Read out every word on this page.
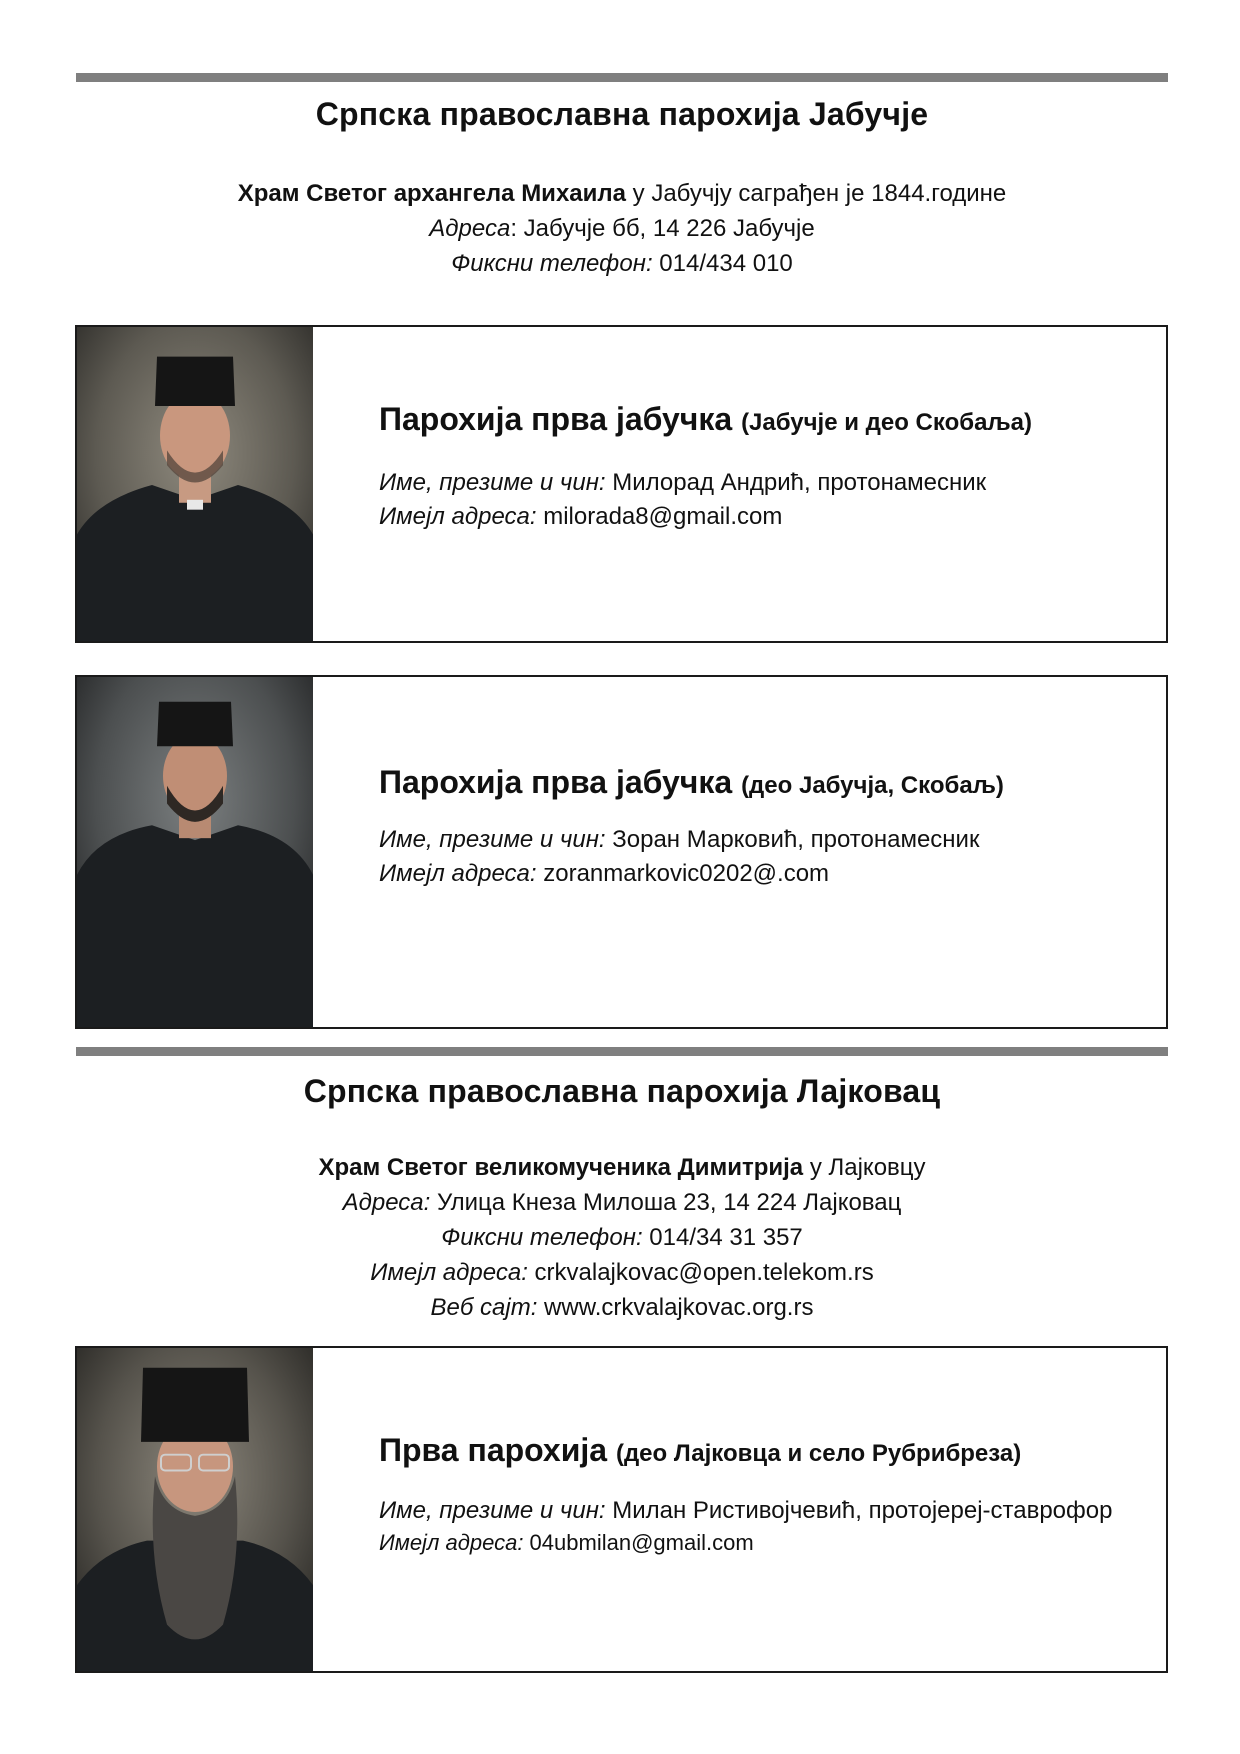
Српска православна парохија Јабучје
Храм Светог архангела Михаила у Јабучју саграђен је 1844.године
Адреса: Јабучје бб, 14 226 Јабучје
Фиксни телефон: 014/434 010
Парохија прва јабучка (Јабучје и део Скобаља)
Име, презиме и чин: Милорад Андрић, протонамесник
Имејл адреса: milorada8@gmail.com
Парохија прва јабучка (део Јабучја, Скобаљ)
Име, презиме и чин: Зоран Марковић, протонамесник
Имејл адреса: zoranmarkovic0202@.com
Српска православна парохија Лајковац
Храм Светог великомученика Димитрија у Лајковцу
Адреса: Улица Кнеза Милоша 23, 14 224 Лајковац
Фиксни телефон: 014/34 31 357
Имејл адреса: crkvalajkovac@open.telekom.rs
Веб сајт: www.crkvalajkovac.org.rs
Прва парохија (део Лајковца и село Рубрибреза)
Име, презиме и чин: Милан Ристивојчевић, протојереј-ставрофор
Имејл адреса: 04ubmilan@gmail.com
